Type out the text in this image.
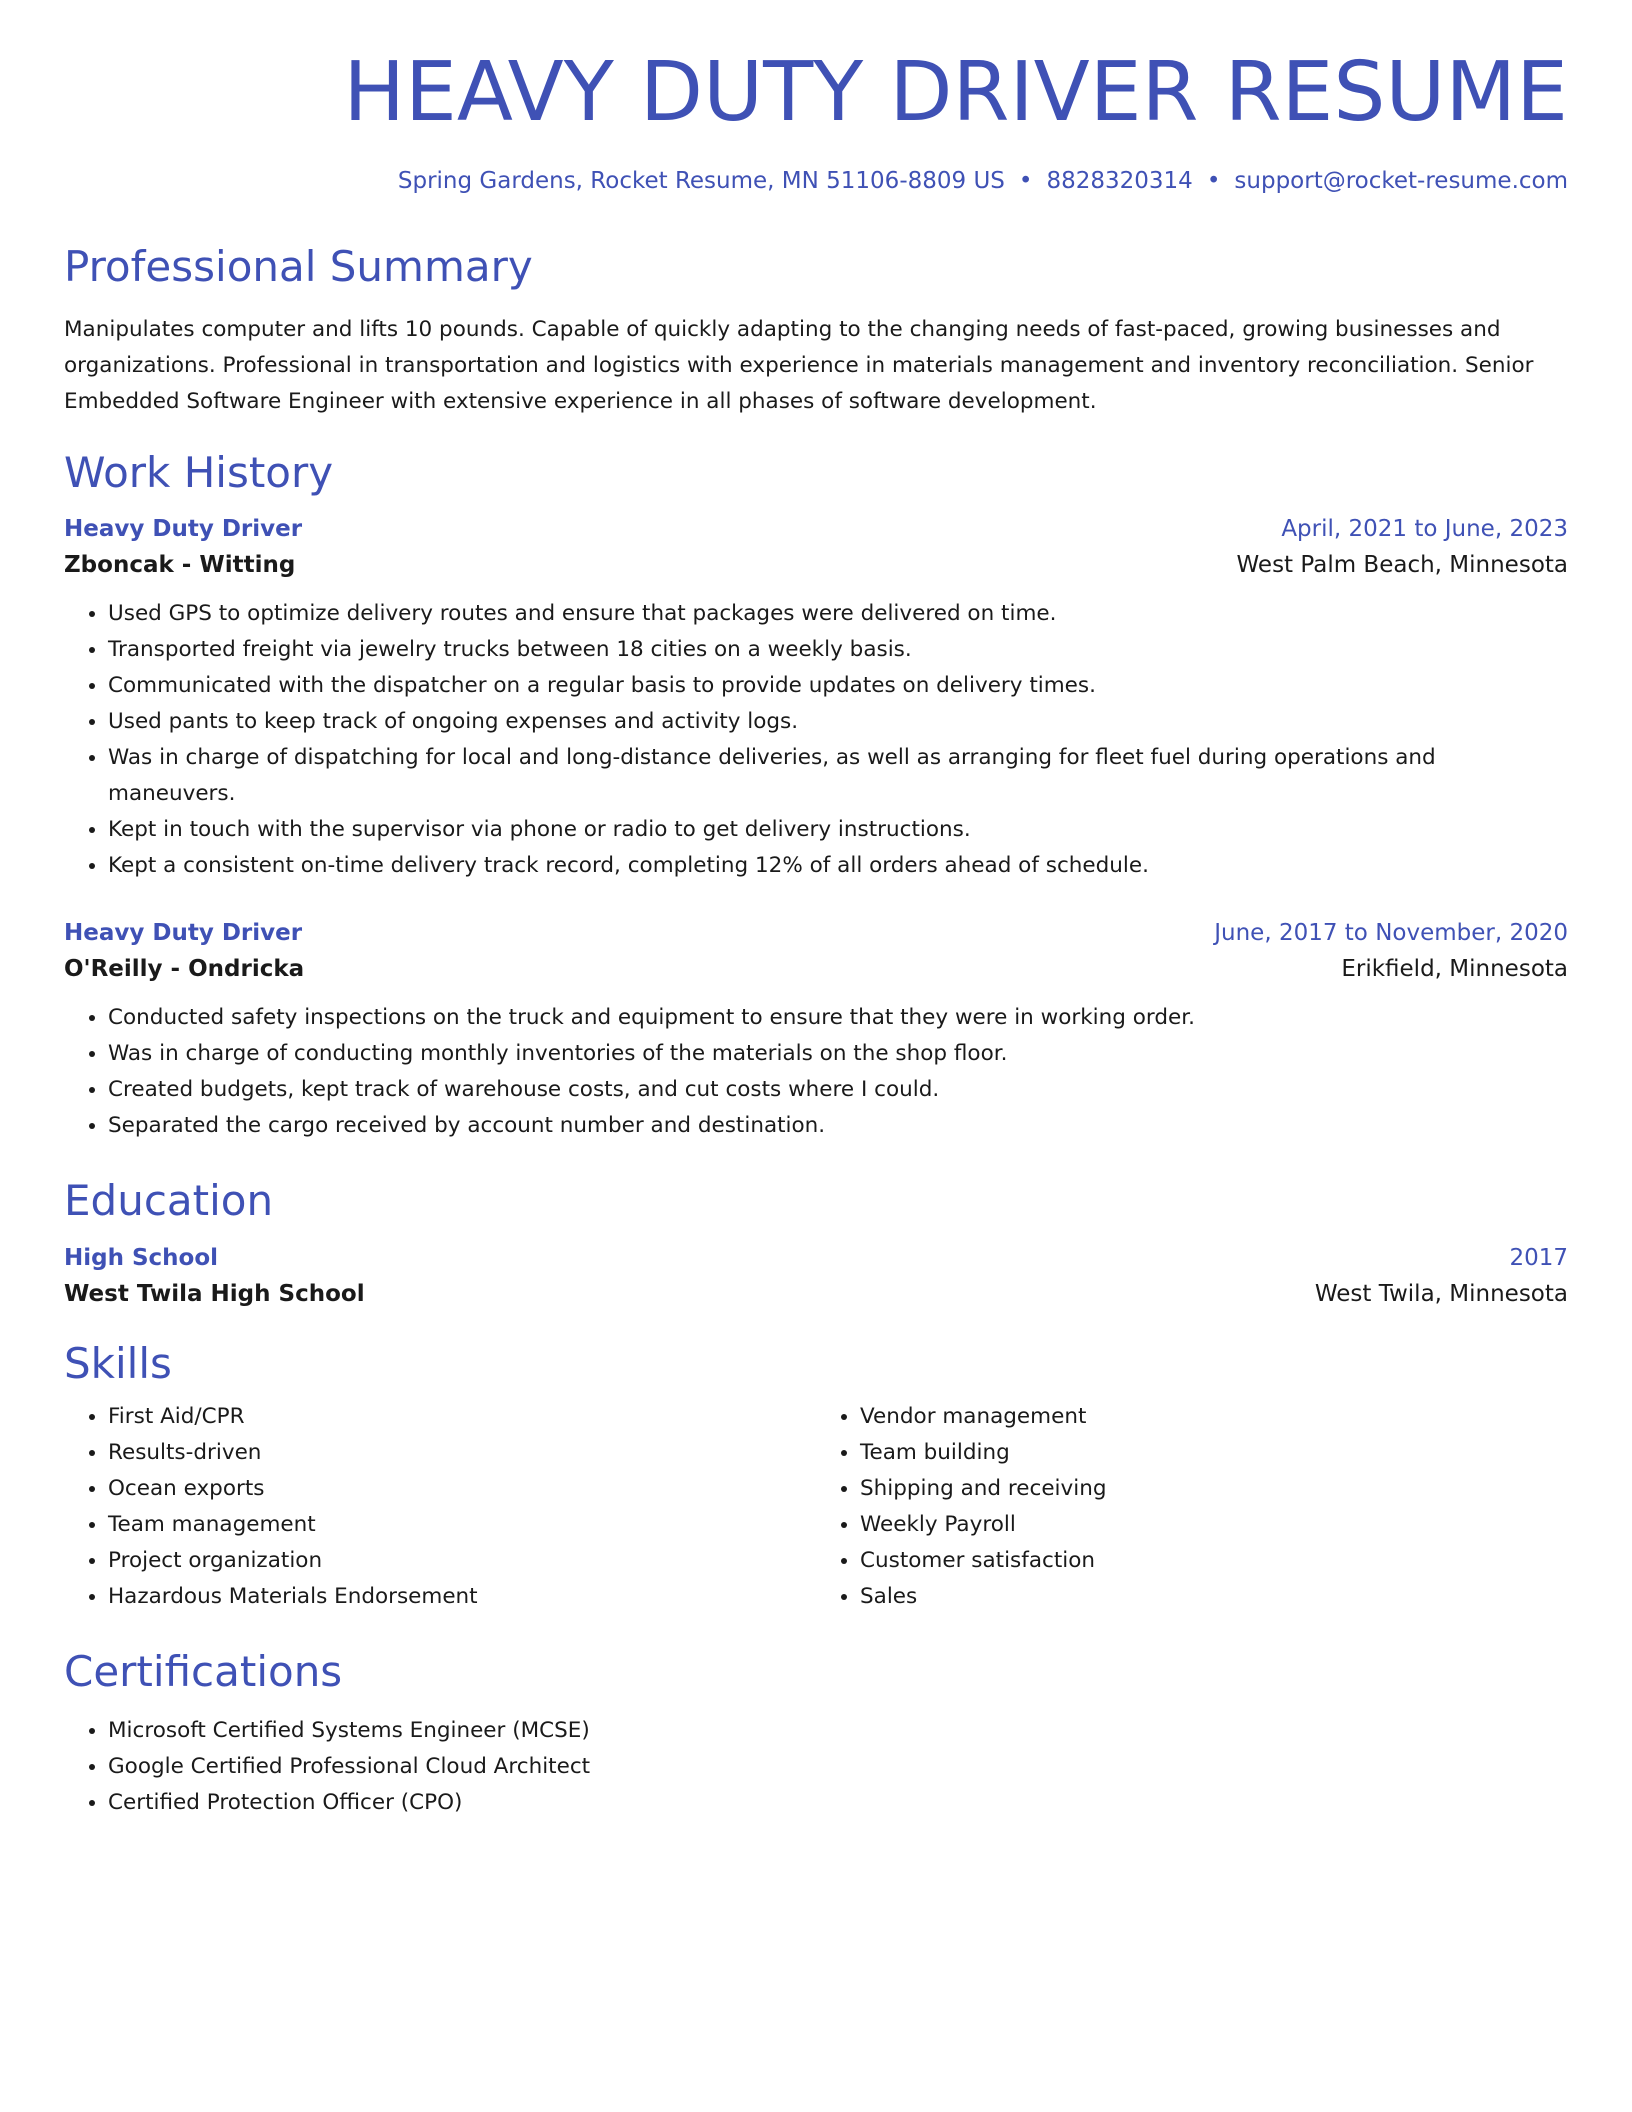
HEAVY DUTY DRIVER RESUME
Spring Gardens, Rocket Resume, MN 51106-8809 US • 8828320314 • support@rocket-resume.com
Professional Summary
Manipulates computer and lifts 10 pounds. Capable of quickly adapting to the changing needs of fast-paced, growing businesses and organizations. Professional in transportation and logistics with experience in materials management and inventory reconciliation. Senior Embedded Software Engineer with extensive experience in all phases of software development.
Work History
Heavy Duty Driver	April, 2021 to June, 2023
Zboncak - Witting	West Palm Beach, Minnesota
• Used GPS to optimize delivery routes and ensure that packages were delivered on time.
• Transported freight via jewelry trucks between 18 cities on a weekly basis.
• Communicated with the dispatcher on a regular basis to provide updates on delivery times.
• Used pants to keep track of ongoing expenses and activity logs.
• Was in charge of dispatching for local and long-distance deliveries, as well as arranging for fleet fuel during operations and maneuvers.
• Kept in touch with the supervisor via phone or radio to get delivery instructions.
• Kept a consistent on-time delivery track record, completing 12% of all orders ahead of schedule.
Heavy Duty Driver	June, 2017 to November, 2020
O'Reilly - Ondricka	Erikfield, Minnesota
• Conducted safety inspections on the truck and equipment to ensure that they were in working order.
• Was in charge of conducting monthly inventories of the materials on the shop floor.
• Created budgets, kept track of warehouse costs, and cut costs where I could.
• Separated the cargo received by account number and destination.
Education
High School	2017
West Twila High School	West Twila, Minnesota
Skills
• First Aid/CPR
• Results-driven
• Ocean exports
• Team management
• Project organization
• Hazardous Materials Endorsement
• Vendor management
• Team building
• Shipping and receiving
• Weekly Payroll
• Customer satisfaction
• Sales
Certifications
• Microsoft Certified Systems Engineer (MCSE)
• Google Certified Professional Cloud Architect
• Certified Protection Officer (CPO)
